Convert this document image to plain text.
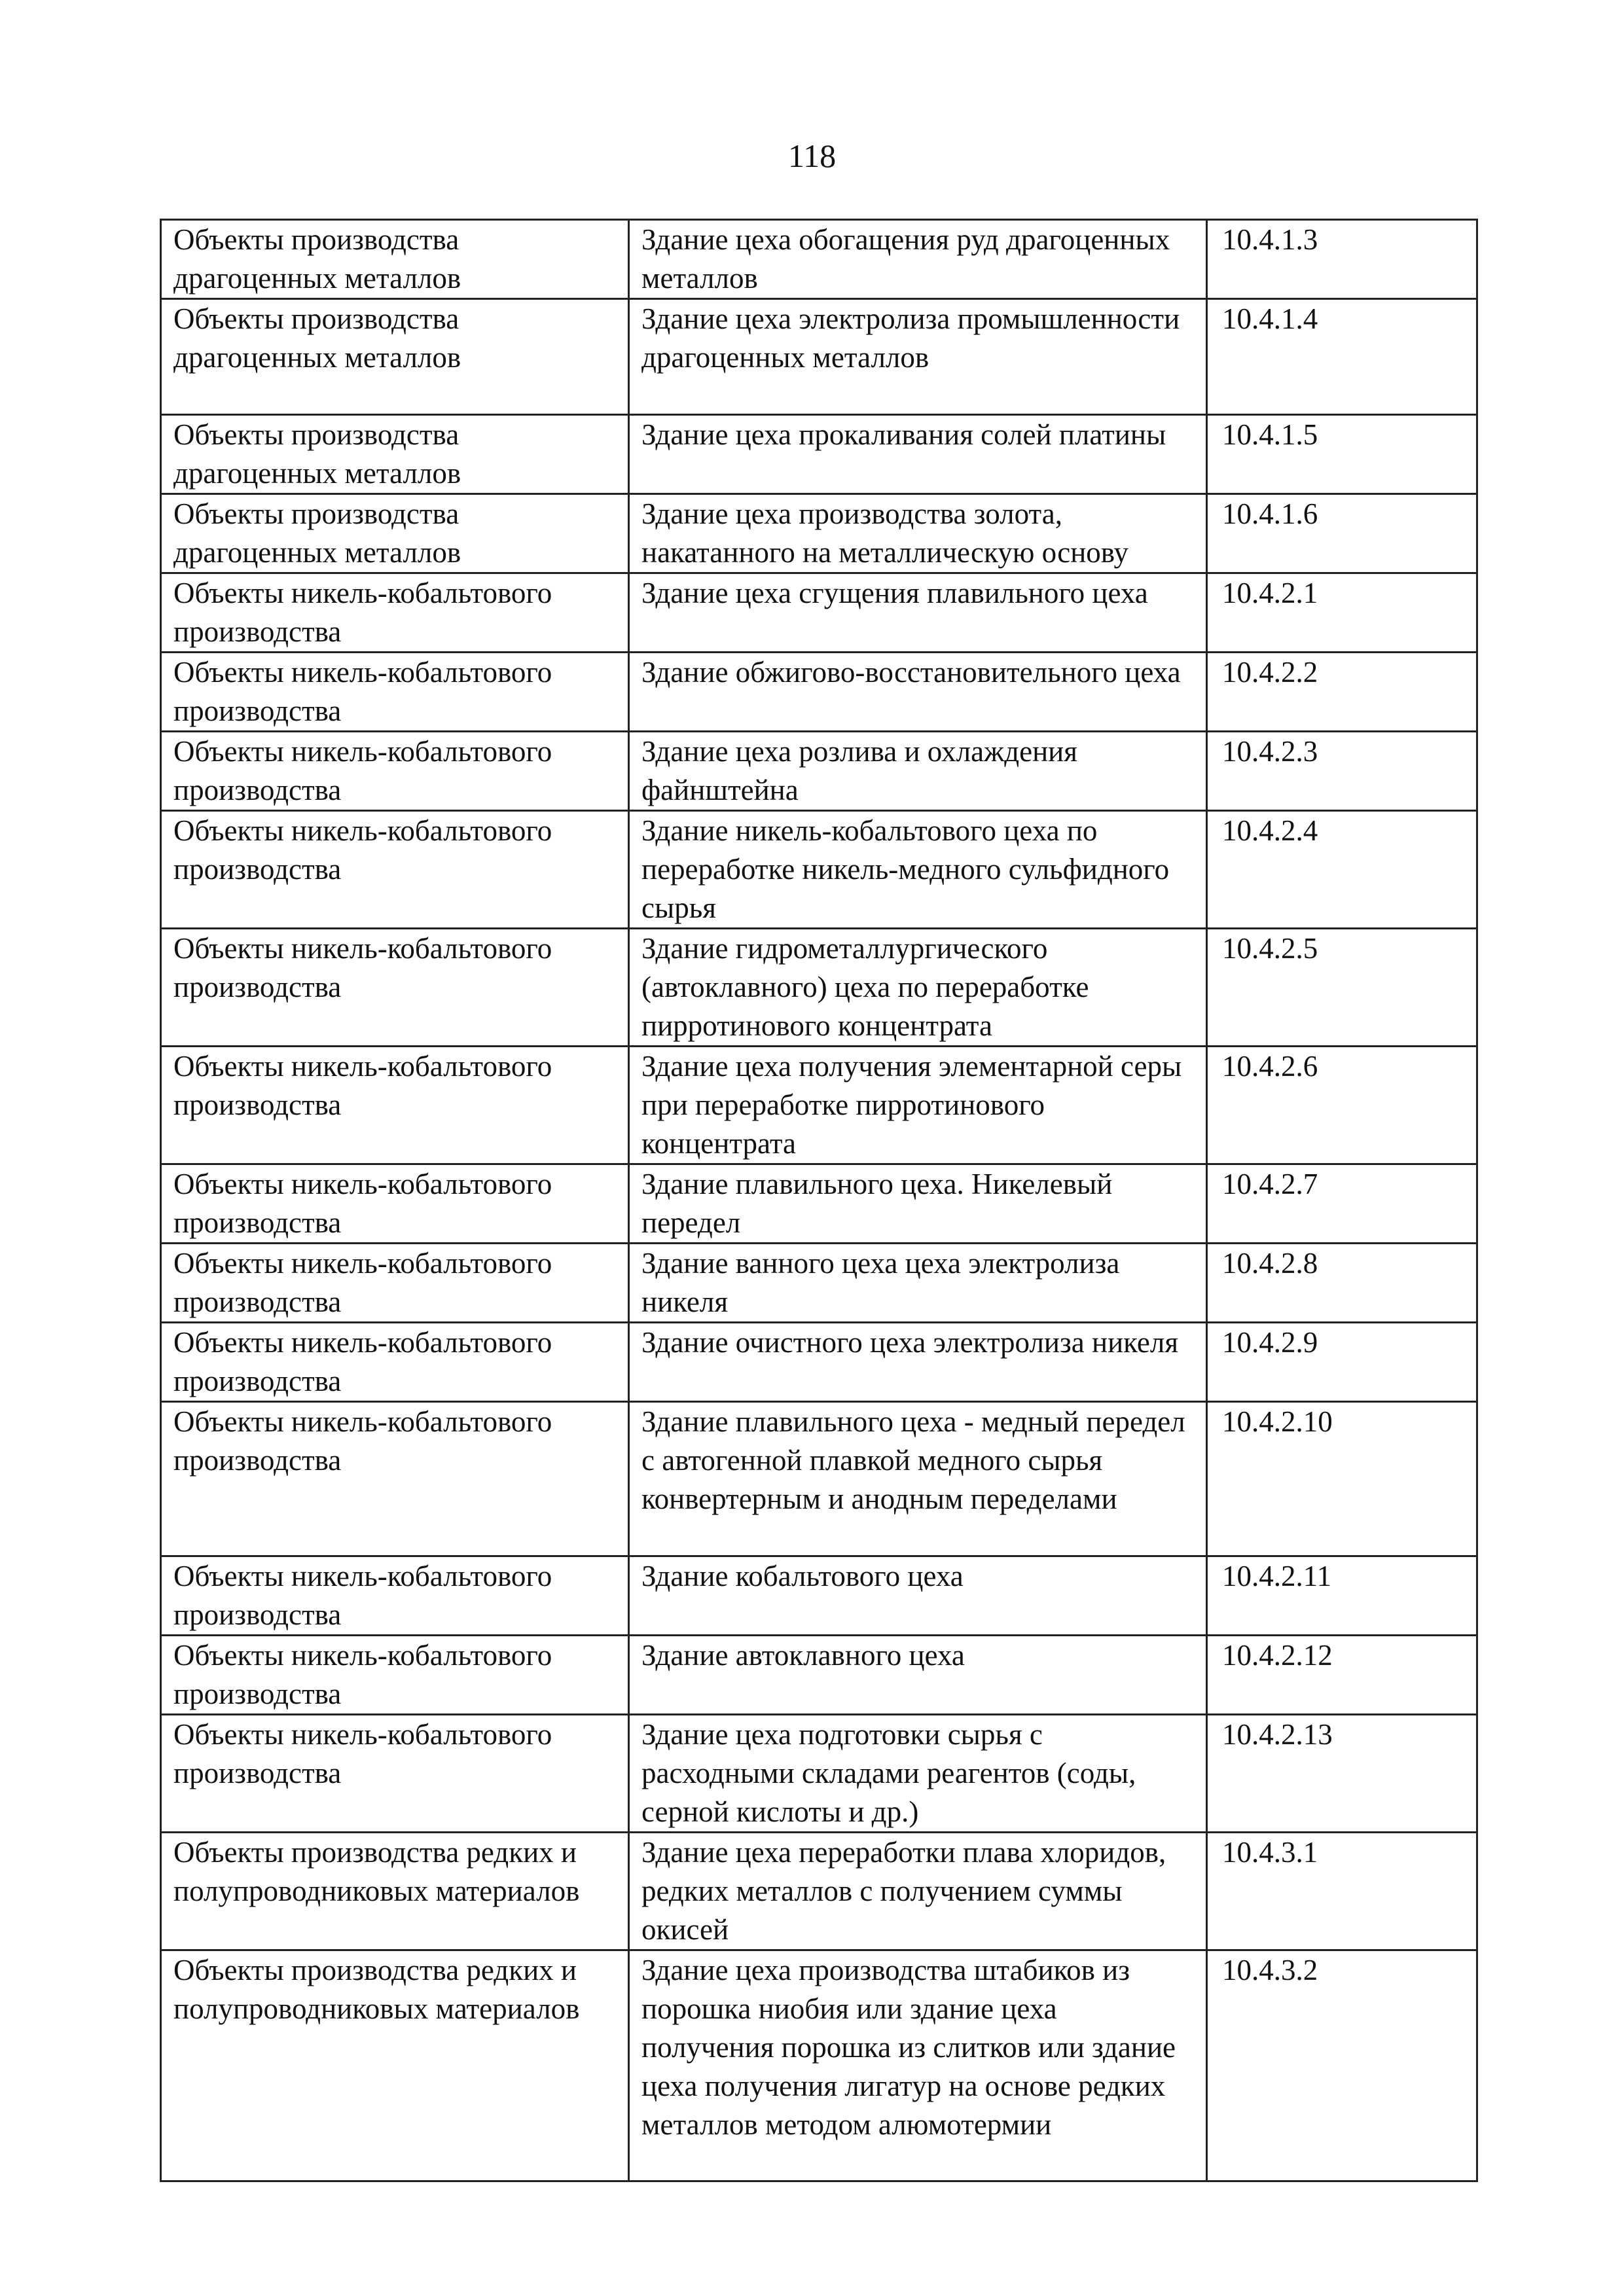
118
Объекты производства драгоценных металлов	Здание цеха обогащения руд драгоценных металлов	10.4.1.3
Объекты производства драгоценных металлов	Здание цеха электролиза промышленности драгоценных металлов	10.4.1.4
Объекты производства драгоценных металлов	Здание цеха прокаливания солей платины	10.4.1.5
Объекты производства драгоценных металлов	Здание цеха производства золота, накатанного на металлическую основу	10.4.1.6
Объекты никель-кобальтового производства	Здание цеха сгущения плавильного цеха	10.4.2.1
Объекты никель-кобальтового производства	Здание обжигово-восстановительного цеха	10.4.2.2
Объекты никель-кобальтового производства	Здание цеха розлива и охлаждения файнштейна	10.4.2.3
Объекты никель-кобальтового производства	Здание никель-кобальтового цеха по переработке никель-медного сульфидного сырья	10.4.2.4
Объекты никель-кобальтового производства	Здание гидрометаллургического (автоклавного) цеха по переработке пирротинового концентрата	10.4.2.5
Объекты никель-кобальтового производства	Здание цеха получения элементарной серы при переработке пирротинового концентрата	10.4.2.6
Объекты никель-кобальтового производства	Здание плавильного цеха. Никелевый передел	10.4.2.7
Объекты никель-кобальтового производства	Здание ванного цеха цеха электролиза никеля	10.4.2.8
Объекты никель-кобальтового производства	Здание очистного цеха электролиза никеля	10.4.2.9
Объекты никель-кобальтового производства	Здание плавильного цеха - медный передел с автогенной плавкой медного сырья конвертерным и анодным переделами	10.4.2.10
Объекты никель-кобальтового производства	Здание кобальтового цеха	10.4.2.11
Объекты никель-кобальтового производства	Здание автоклавного цеха	10.4.2.12
Объекты никель-кобальтового производства	Здание цеха подготовки сырья с расходными складами реагентов (соды, серной кислоты и др.)	10.4.2.13
Объекты производства редких и полупроводниковых материалов	Здание цеха переработки плава хлоридов, редких металлов с получением суммы окисей	10.4.3.1
Объекты производства редких и полупроводниковых материалов	Здание цеха производства штабиков из порошка ниобия или здание цеха получения порошка из слитков или здание цеха получения лигатур на основе редких металлов методом алюмотермии	10.4.3.2
